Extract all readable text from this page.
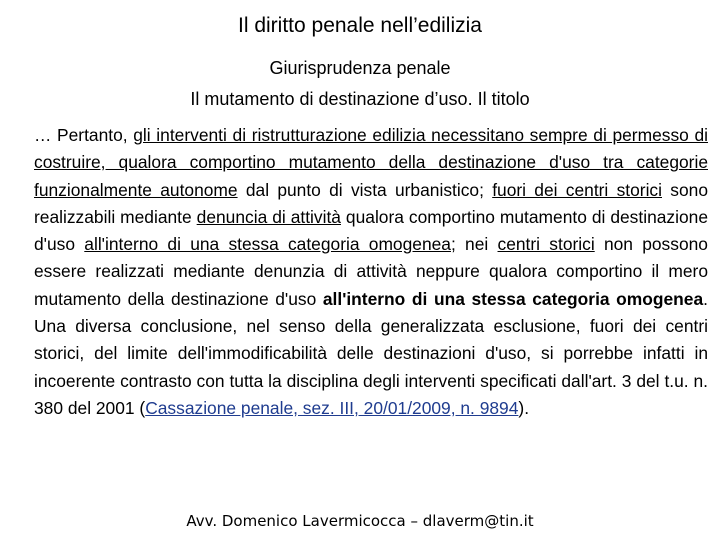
Il diritto penale nell’edilizia
Giurisprudenza penale
Il mutamento di destinazione d’uso. Il titolo
… Pertanto, gli interventi di ristrutturazione edilizia necessitano sempre di permesso di costruire, qualora comportino mutamento della destinazione d'uso tra categorie funzionalmente autonome dal punto di vista urbanistico; fuori dei centri storici sono realizzabili mediante denuncia di attività qualora comportino mutamento di destinazione d'uso all'interno di una stessa categoria omogenea; nei centri storici non possono essere realizzati mediante denunzia di attività neppure qualora comportino il mero mutamento della destinazione d'uso all'interno di una stessa categoria omogenea. Una diversa conclusione, nel senso della generalizzata esclusione, fuori dei centri storici, del limite dell'immodificabilità delle destinazioni d'uso, si porrebbe infatti in incoerente contrasto con tutta la disciplina degli interventi specificati dall'art. 3 del t.u. n. 380 del 2001 (Cassazione penale, sez. III, 20/01/2009, n. 9894).
Avv. Domenico Lavermicocca – dlaverm@tin.it
